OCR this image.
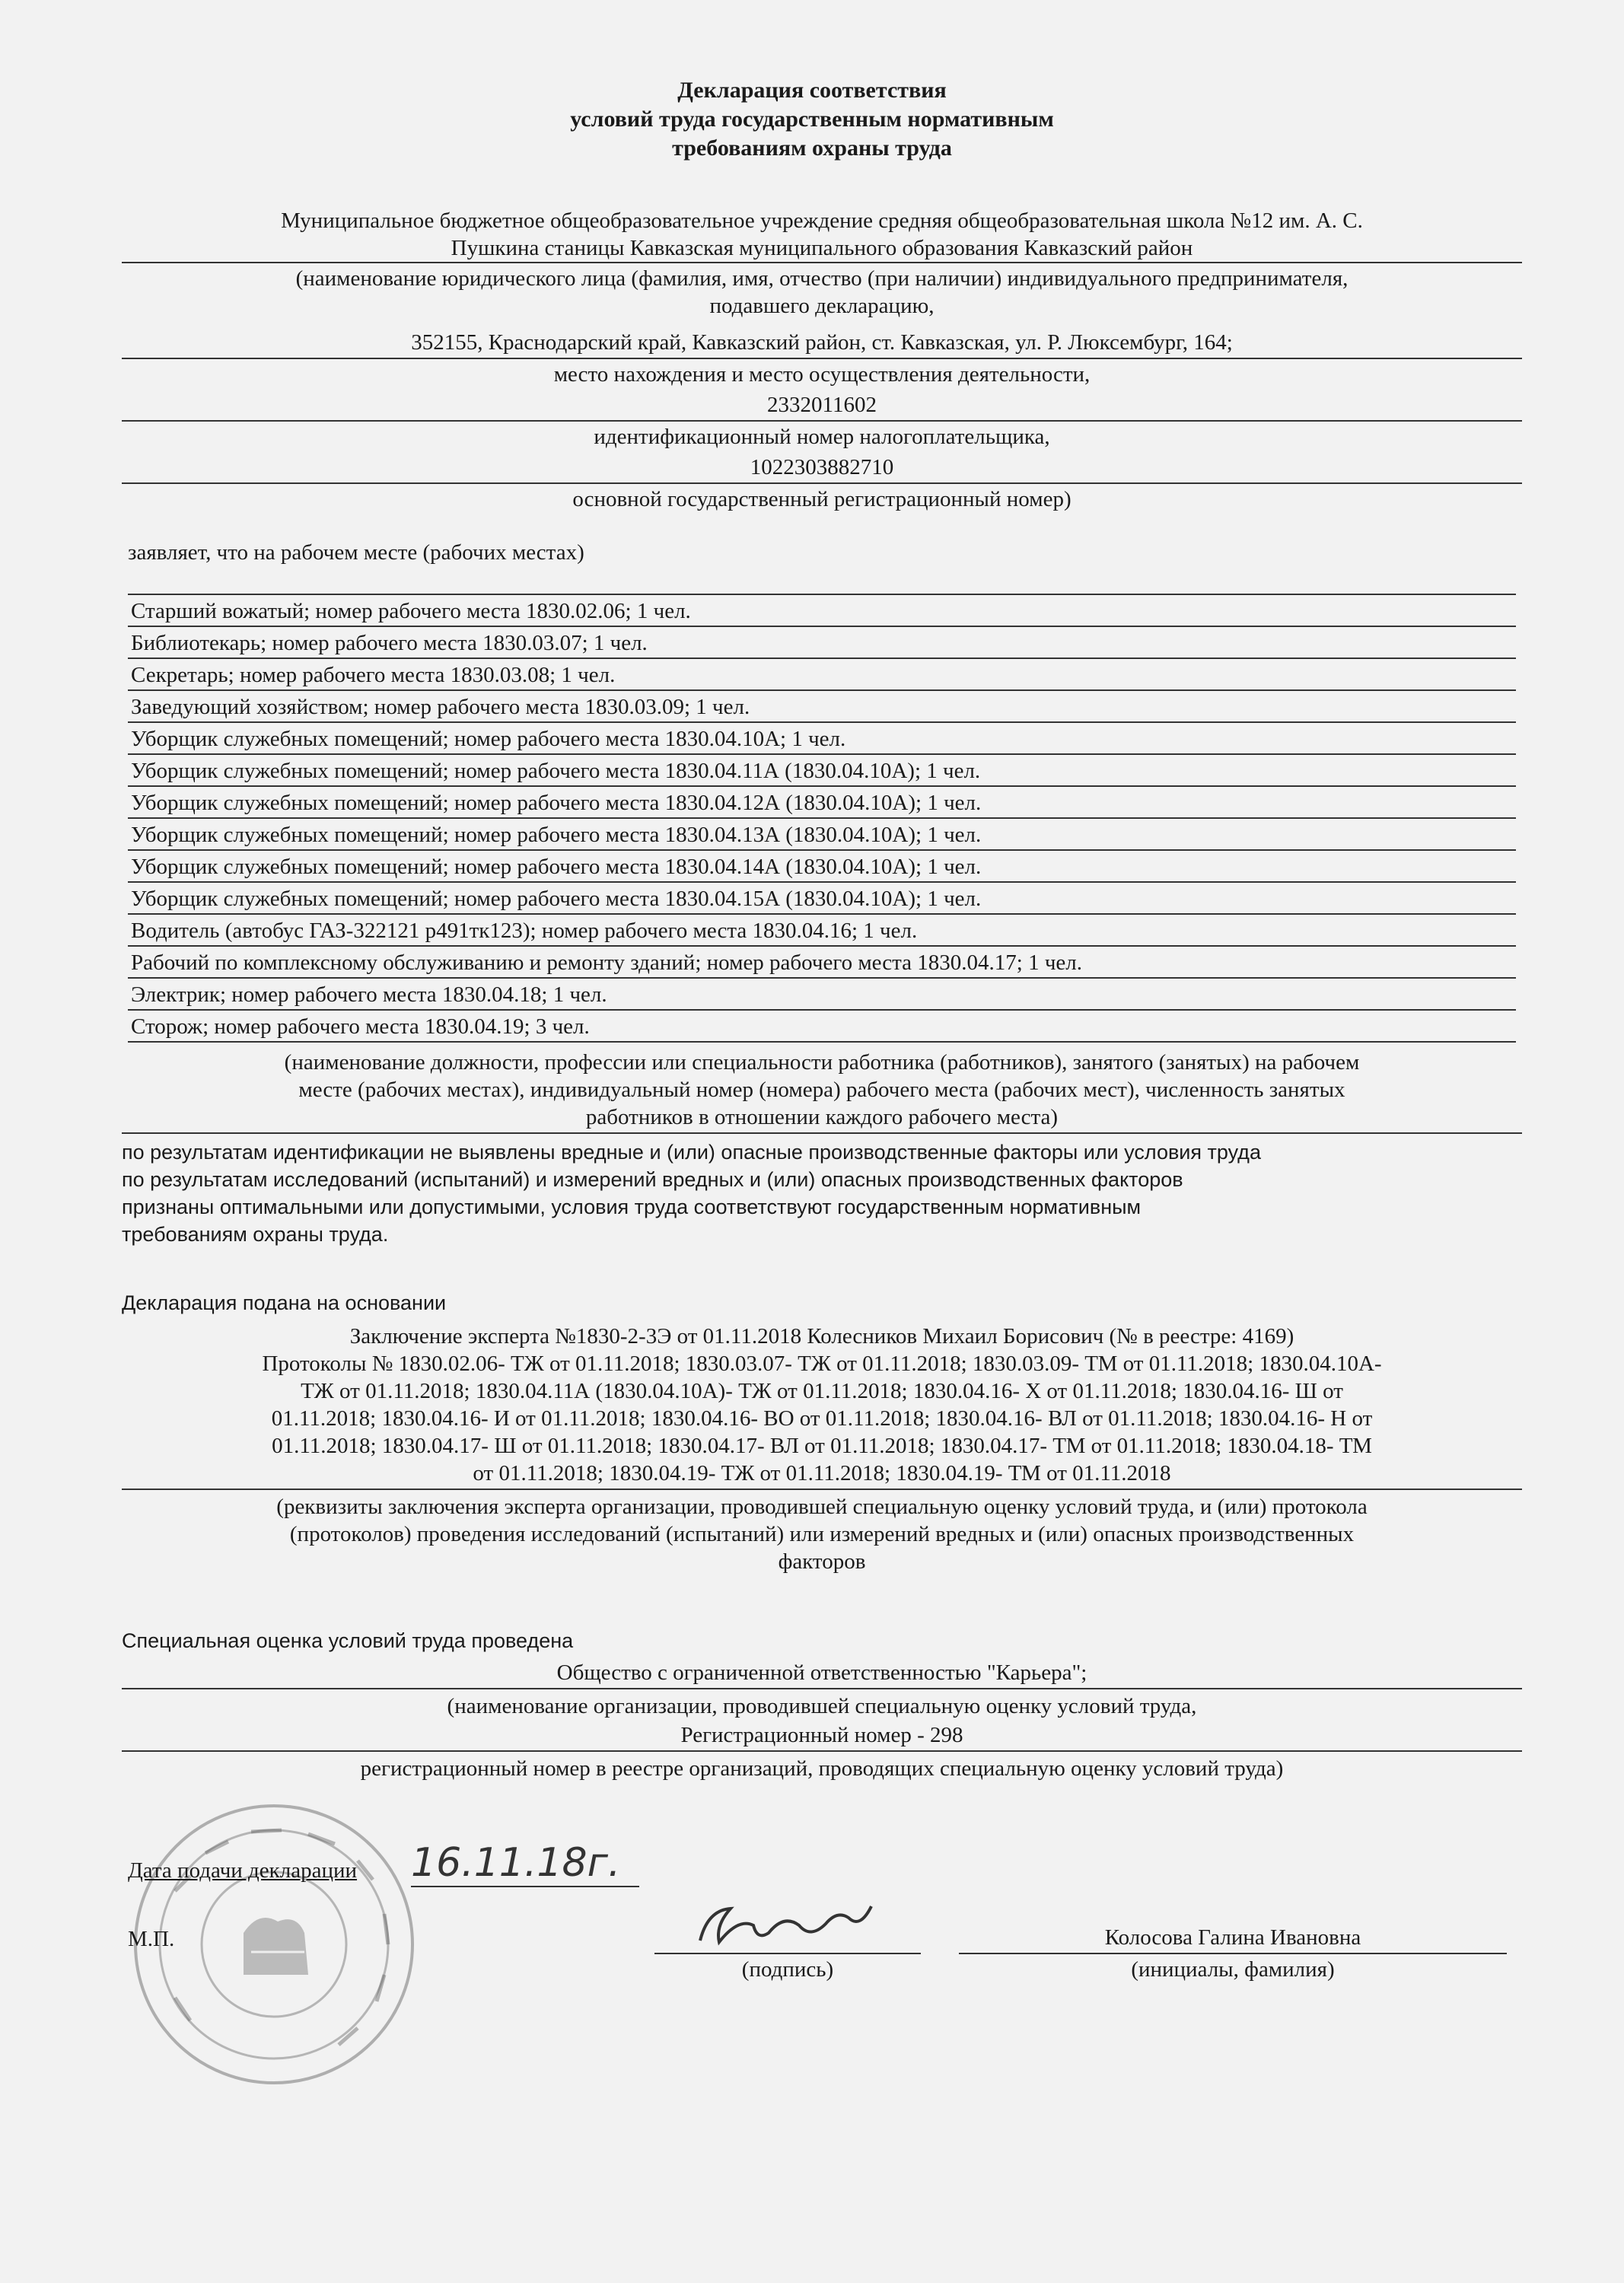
Декларация соответствия
условий труда государственным нормативным
требованиям охраны труда
Муниципальное бюджетное общеобразовательное учреждение средняя общеобразовательная школа №12 им. А. С.
Пушкина станицы Кавказская муниципального образования Кавказский район
(наименование юридического лица (фамилия, имя, отчество (при наличии) индивидуального предпринимателя,
подавшего декларацию,
352155, Краснодарский край, Кавказский район, ст. Кавказская, ул. Р. Люксембург, 164;
место нахождения и место осуществления деятельности,
2332011602
идентификационный номер налогоплательщика,
1022303882710
основной государственный регистрационный номер)
заявляет, что на рабочем месте (рабочих местах)
Старший вожатый; номер рабочего места 1830.02.06; 1 чел.
Библиотекарь; номер рабочего места 1830.03.07; 1 чел.
Секретарь; номер рабочего места 1830.03.08; 1 чел.
Заведующий хозяйством; номер рабочего места 1830.03.09; 1 чел.
Уборщик служебных помещений; номер рабочего места 1830.04.10А; 1 чел.
Уборщик служебных помещений; номер рабочего места 1830.04.11А (1830.04.10А); 1 чел.
Уборщик служебных помещений; номер рабочего места 1830.04.12А (1830.04.10А); 1 чел.
Уборщик служебных помещений; номер рабочего места 1830.04.13А (1830.04.10А); 1 чел.
Уборщик служебных помещений; номер рабочего места 1830.04.14А (1830.04.10А); 1 чел.
Уборщик служебных помещений; номер рабочего места 1830.04.15А (1830.04.10А); 1 чел.
Водитель (автобус ГАЗ-322121 р491тк123); номер рабочего места 1830.04.16; 1 чел.
Рабочий по комплексному обслуживанию и ремонту зданий; номер рабочего места 1830.04.17; 1 чел.
Электрик; номер рабочего места 1830.04.18; 1 чел.
Сторож; номер рабочего места 1830.04.19; 3 чел.
(наименование должности, профессии или специальности работника (работников), занятого (занятых) на рабочем
месте (рабочих местах), индивидуальный номер (номера) рабочего места (рабочих мест), численность занятых
работников в отношении каждого рабочего места)
по результатам идентификации не выявлены вредные и (или) опасные производственные факторы или условия труда
по результатам исследований (испытаний) и измерений вредных и (или) опасных производственных факторов
признаны оптимальными или допустимыми, условия труда соответствуют государственным нормативным
требованиям охраны труда.
Декларация подана на основании
Заключение эксперта №1830-2-3Э от 01.11.2018 Колесников Михаил Борисович (№ в реестре: 4169)
Протоколы № 1830.02.06- ТЖ от 01.11.2018; 1830.03.07- ТЖ от 01.11.2018; 1830.03.09- ТМ от 01.11.2018; 1830.04.10А-
ТЖ от 01.11.2018; 1830.04.11А (1830.04.10А)- ТЖ от 01.11.2018; 1830.04.16- Х от 01.11.2018; 1830.04.16- Ш от
01.11.2018; 1830.04.16- И от 01.11.2018; 1830.04.16- ВО от 01.11.2018; 1830.04.16- ВЛ от 01.11.2018; 1830.04.16- Н от
01.11.2018; 1830.04.17- Ш от 01.11.2018; 1830.04.17- ВЛ от 01.11.2018; 1830.04.17- ТМ от 01.11.2018; 1830.04.18- ТМ
от 01.11.2018; 1830.04.19- ТЖ от 01.11.2018; 1830.04.19- ТМ от 01.11.2018
(реквизиты заключения эксперта организации, проводившей специальную оценку условий труда, и (или) протокола
(протоколов) проведения исследований (испытаний) или измерений вредных и (или) опасных производственных
факторов
Специальная оценка условий труда проведена
Общество с ограниченной ответственностью "Карьера";
(наименование организации, проводившей специальную оценку условий труда,
Регистрационный номер - 298
регистрационный номер в реестре организаций, проводящих специальную оценку условий труда)
Дата подачи декларации 16.11.18г.
М.П.
(подпись)
Колосова Галина Ивановна
(инициалы, фамилия)
